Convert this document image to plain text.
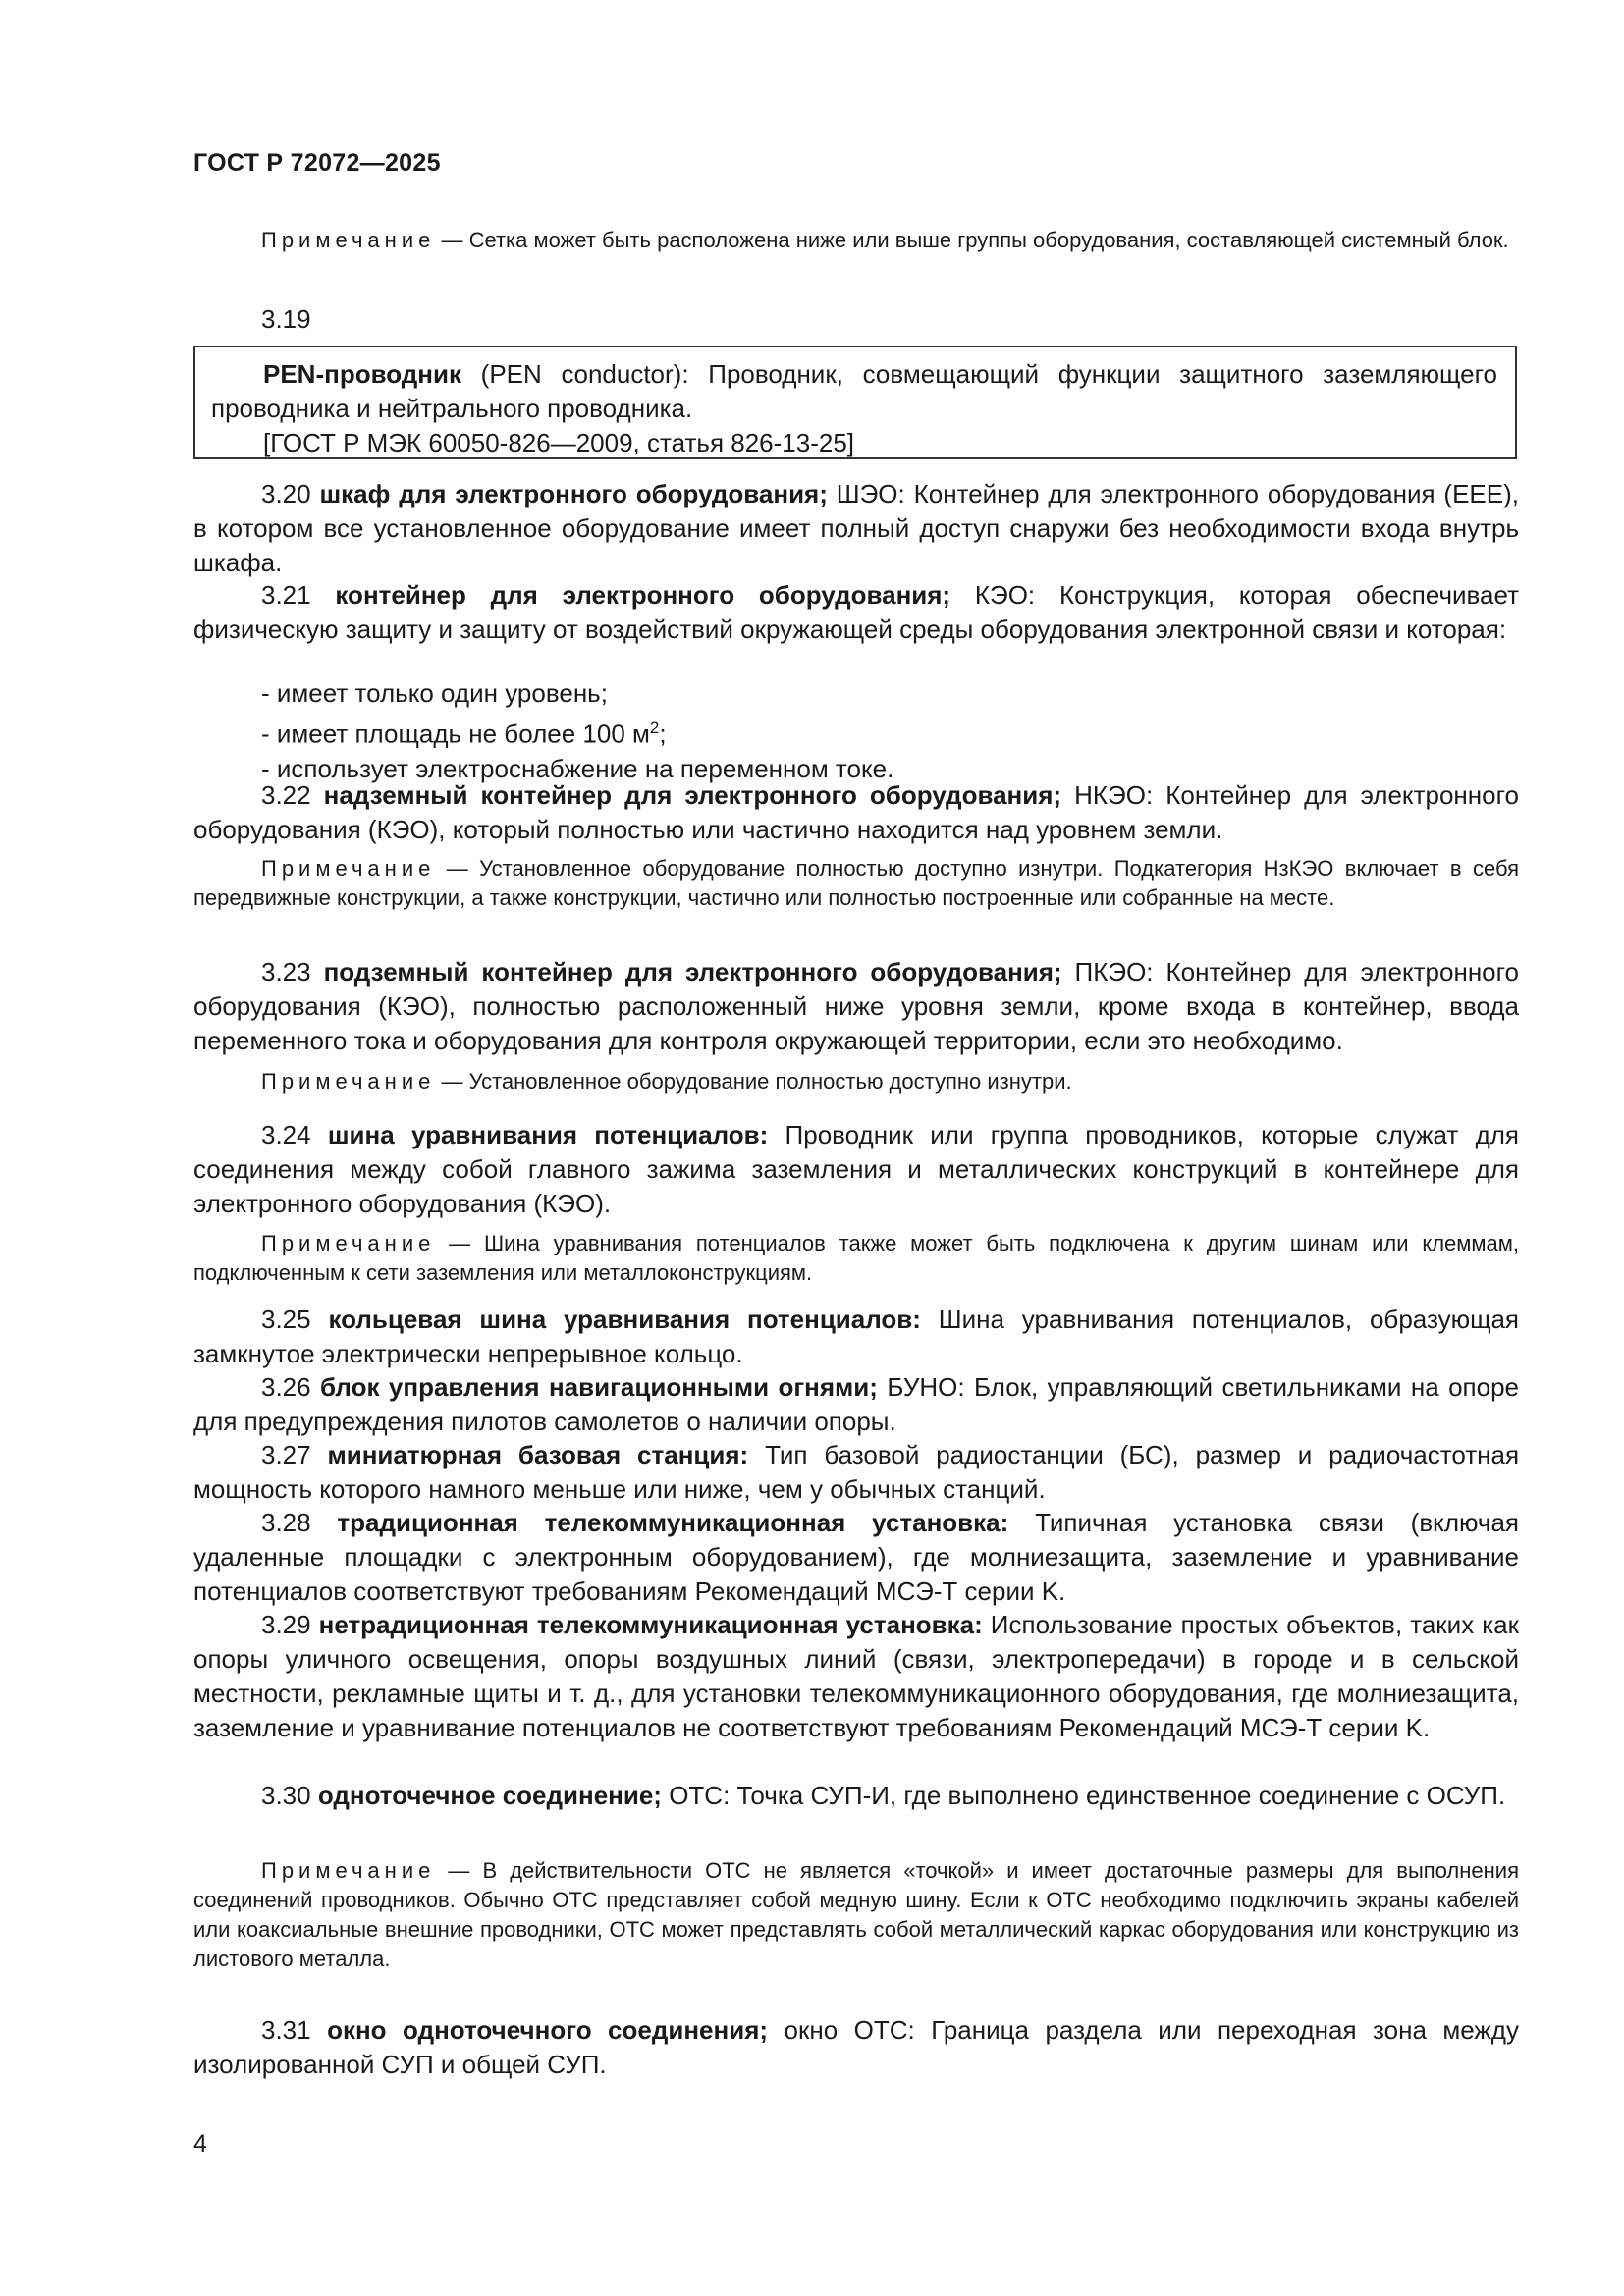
ГОСТ Р 72072—2025
Примечание — Сетка может быть расположена ниже или выше группы оборудования, составляющей системный блок.
3.19

PEN-проводник (PEN conductor): Проводник, совмещающий функции защитного заземляющего проводника и нейтрального проводника.

[ГОСТ Р МЭК 60050-826—2009, статья 826-13-25]

3.20 шкаф для электронного оборудования; ШЭО: Контейнер для электронного оборудования (EEE), в котором все установленное оборудование имеет полный доступ снаружи без необходимости входа внутрь шкафа.
3.21 контейнер для электронного оборудования; КЭО: Конструкция, которая обеспечивает физическую защиту и защиту от воздействий окружающей среды оборудования электронной связи и которая:

- имеет только один уровень;

- имеет площадь не более 100 $м^2$;

- использует электроснабжение на переменном токе.

3.22 надземный контейнер для электронного оборудования; НКЭО: Контейнер для электронного оборудования (КЭО), который полностью или частично находится над уровнем земли.
Примечание — Установленное оборудование полностью доступно изнутри. Подкатегория НзКЭО включает в себя передвижные конструкции, а также конструкции, частично или полностью построенные или собранные на месте.
3.23 подземный контейнер для электронного оборудования; ПКЭО: Контейнер для электронного оборудования (КЭО), полностью расположенный ниже уровня земли, кроме входа в контейнер, ввода переменного тока и оборудования для контроля окружающей территории, если это необходимо.
Примечание — Установленное оборудование полностью доступно изнутри.
3.24 шина уравнивания потенциалов: Проводник или группа проводников, которые служат для соединения между собой главного зажима заземления и металлических конструкций в контейнере для электронного оборудования (КЭО).
Примечание — Шина уравнивания потенциалов также может быть подключена к другим шинам или клеммам, подключенным к сети заземления или металлоконструкциям.
3.25 кольцевая шина уравнивания потенциалов: Шина уравнивания потенциалов, образующая замкнутое электрически непрерывное кольцо.
3.26 блок управления навигационными огнями; БУНО: Блок, управляющий светильниками на опоре для предупреждения пилотов самолетов о наличии опоры.
3.27 миниатюрная базовая станция: Тип базовой радиостанции (БС), размер и радиочастотная мощность которого намного меньше или ниже, чем у обычных станций.
3.28 традиционная телекоммуникационная установка: Типичная установка связи (включая удаленные площадки с электронным оборудованием), где молниезащита, заземление и уравнивание потенциалов соответствуют требованиям Рекомендаций МСЭ-Т серии K.
3.29 нетрадиционная телекоммуникационная установка: Использование простых объектов, таких как опоры уличного освещения, опоры воздушных линий (связи, электропередачи) в городе и в сельской местности, рекламные щиты и т. д., для установки телекоммуникационного оборудования, где молниезащита, заземление и уравнивание потенциалов не соответствуют требованиям Рекомендаций МСЭ-Т серии K.
3.30 одноточечное соединение; ОТС: Точка СУП-И, где выполнено единственное соединение с ОСУП.
Примечание — В действительности ОТС не является «точкой» и имеет достаточные размеры для выполнения соединений проводников. Обычно ОТС представляет собой медную шину. Если к ОТС необходимо подключить экраны кабелей или коаксиальные внешние проводники, ОТС может представлять собой металлический каркас оборудования или конструкцию из листового металла.
3.31 окно одноточечного соединения; окно ОТС: Граница раздела или переходная зона между изолированной СУП и общей СУП.
4
